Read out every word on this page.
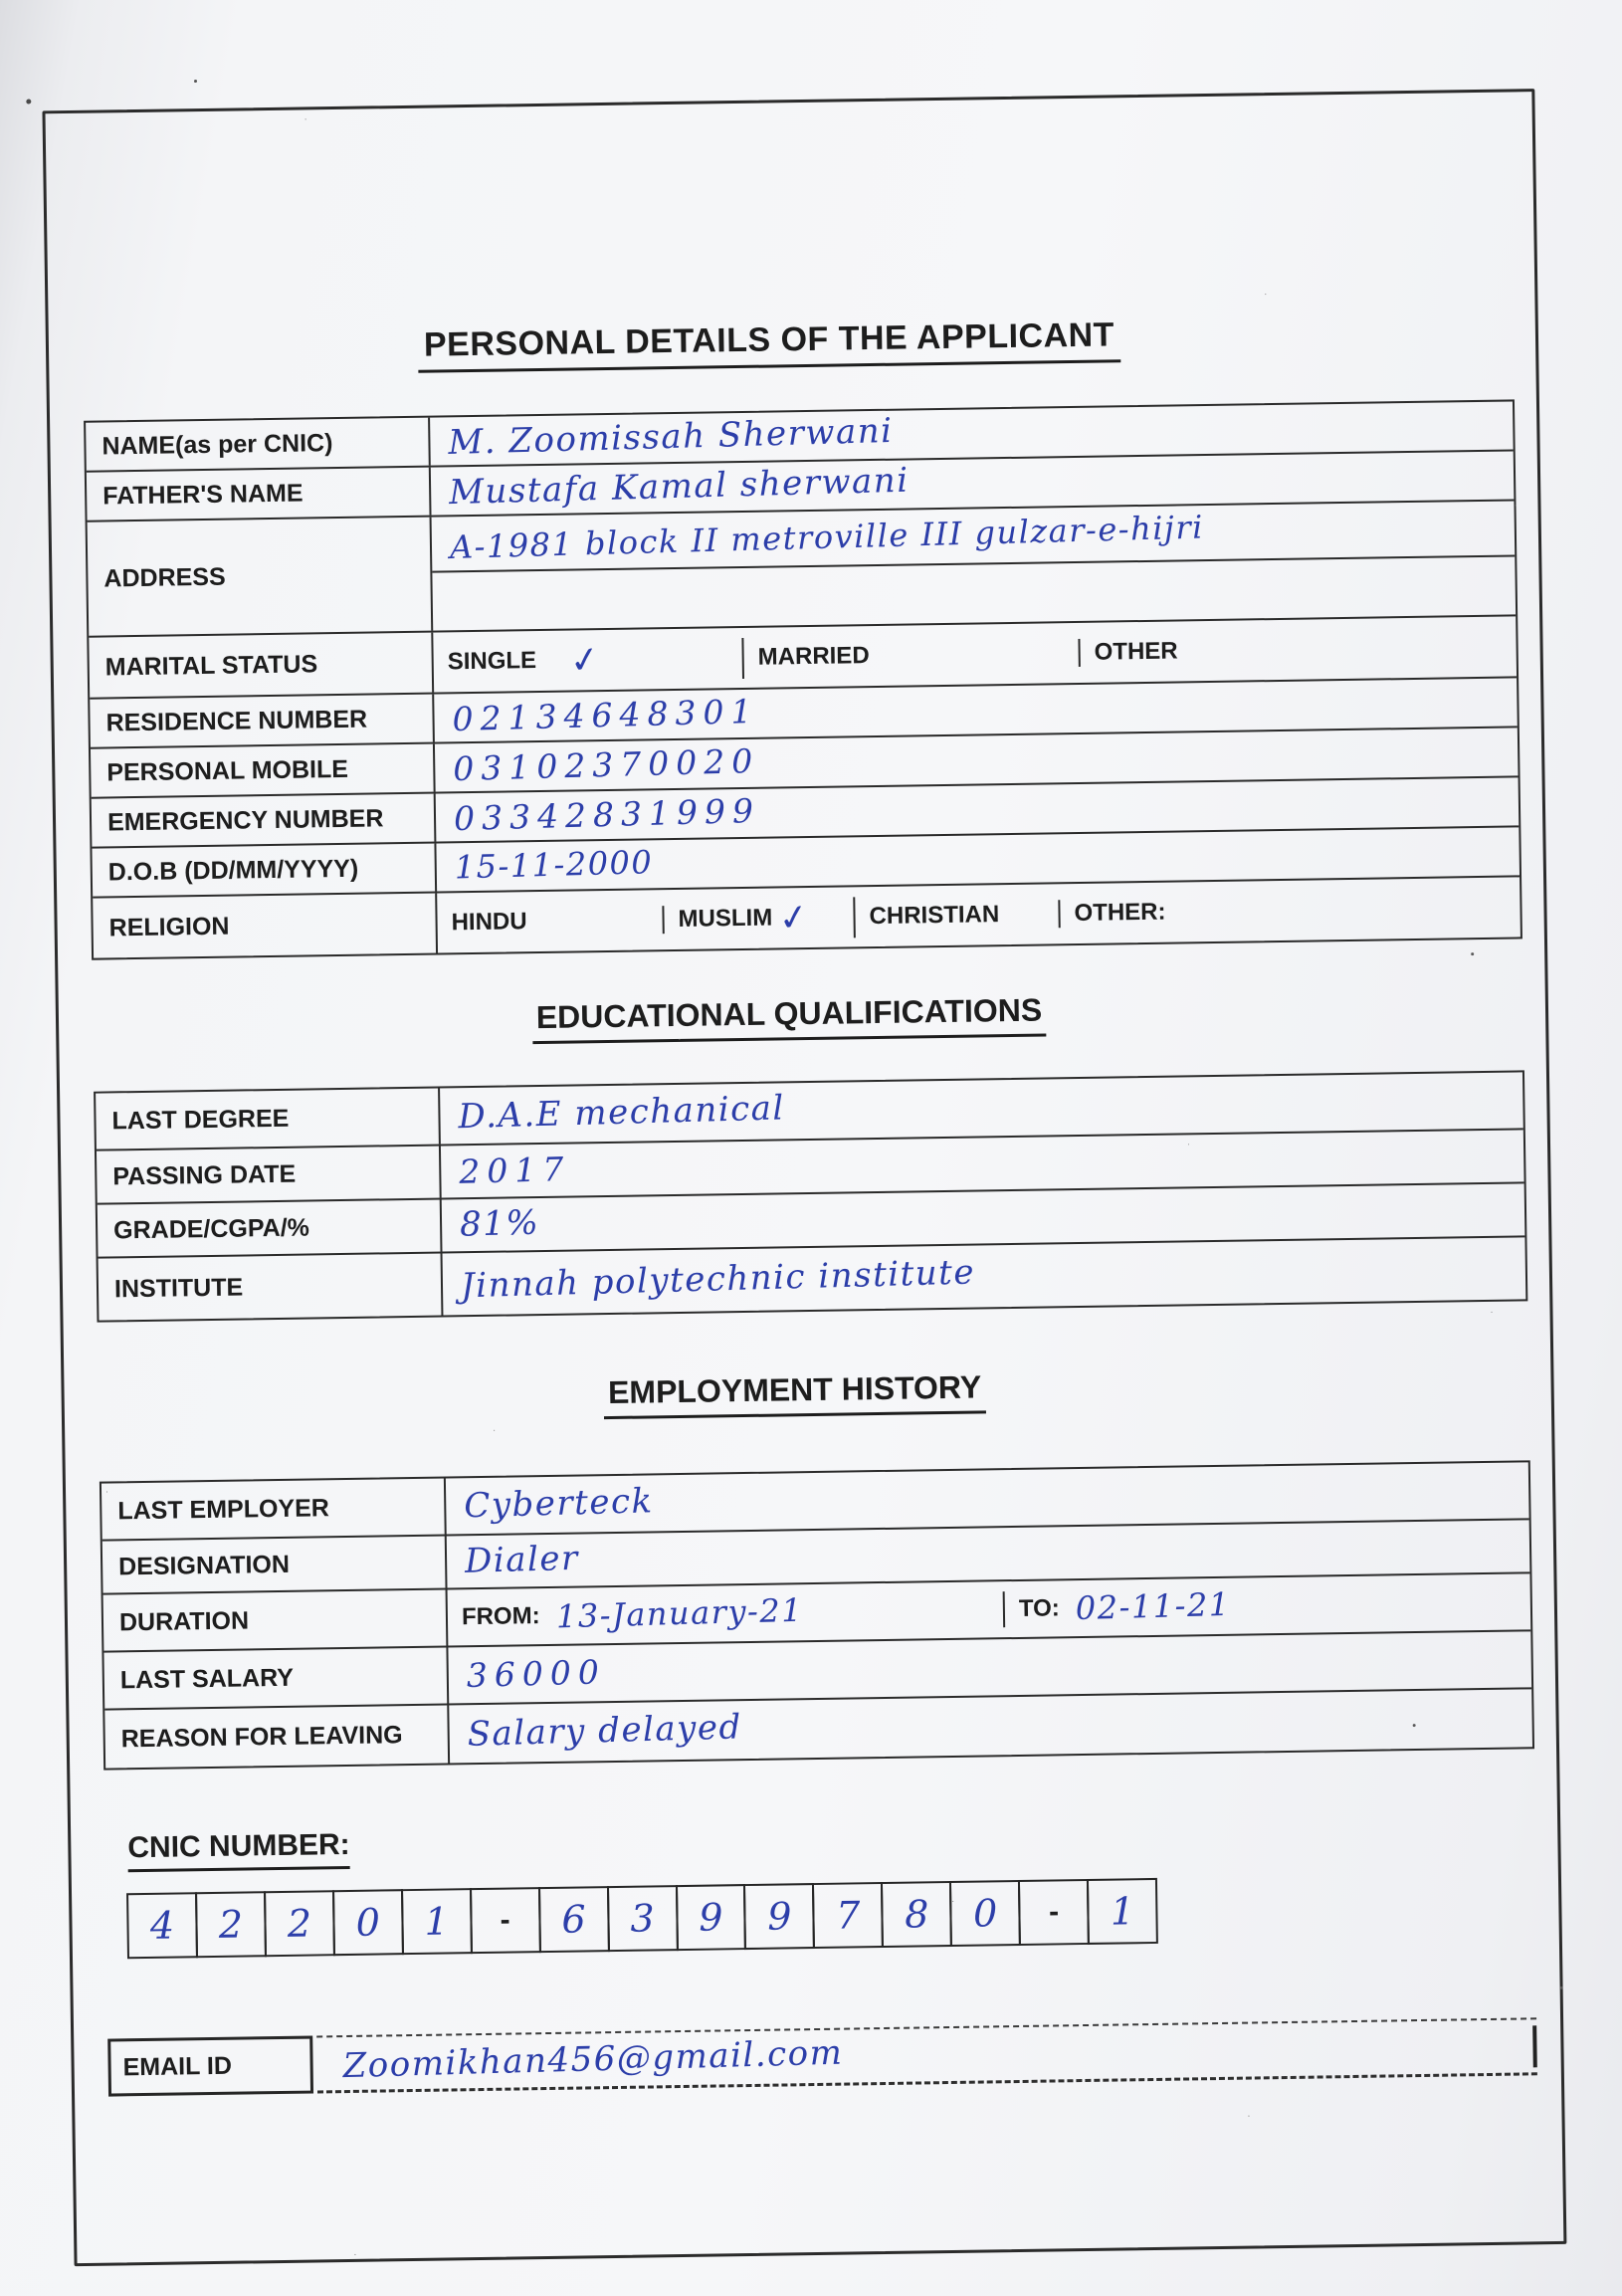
PERSONAL DETAILS OF THE APPLICANT
NAME(as per CNIC)	M. Zoomissah Sherwani
FATHER'S NAME	Mustafa Kamal sherwani
ADDRESS
A-1981 block II metroville III gulzar-e-hijri
MARITAL STATUS	SINGLE ✓	MARRIED	OTHER
RESIDENCE NUMBER	02134648301
PERSONAL MOBILE	03102370020
EMERGENCY NUMBER	03342831999
D.O.B (DD/MM/YYYY)	15-11-2000
RELIGION	HINDU	MUSLIM ✓ CHRISTIAN	OTHER:
EDUCATIONAL QUALIFICATIONS
LAST DEGREE	D.A.E mechanical
PASSING DATE	2017
GRADE/CGPA/%	81%
INSTITUTE	Jinnah polytechnic institute
EMPLOYMENT HISTORY
LAST EMPLOYER	Cyberteck
DESIGNATION	Dialer
DURATION	FROM: 13-January-21	TO: 02-11-21
LAST SALARY	36000
REASON FOR LEAVING	Salary delayed
CNIC NUMBER:
4	2	2	0	1	-	6	3	9	9	7	8	0	-	1
EMAIL ID	Zoomikhan456@gmail.com
